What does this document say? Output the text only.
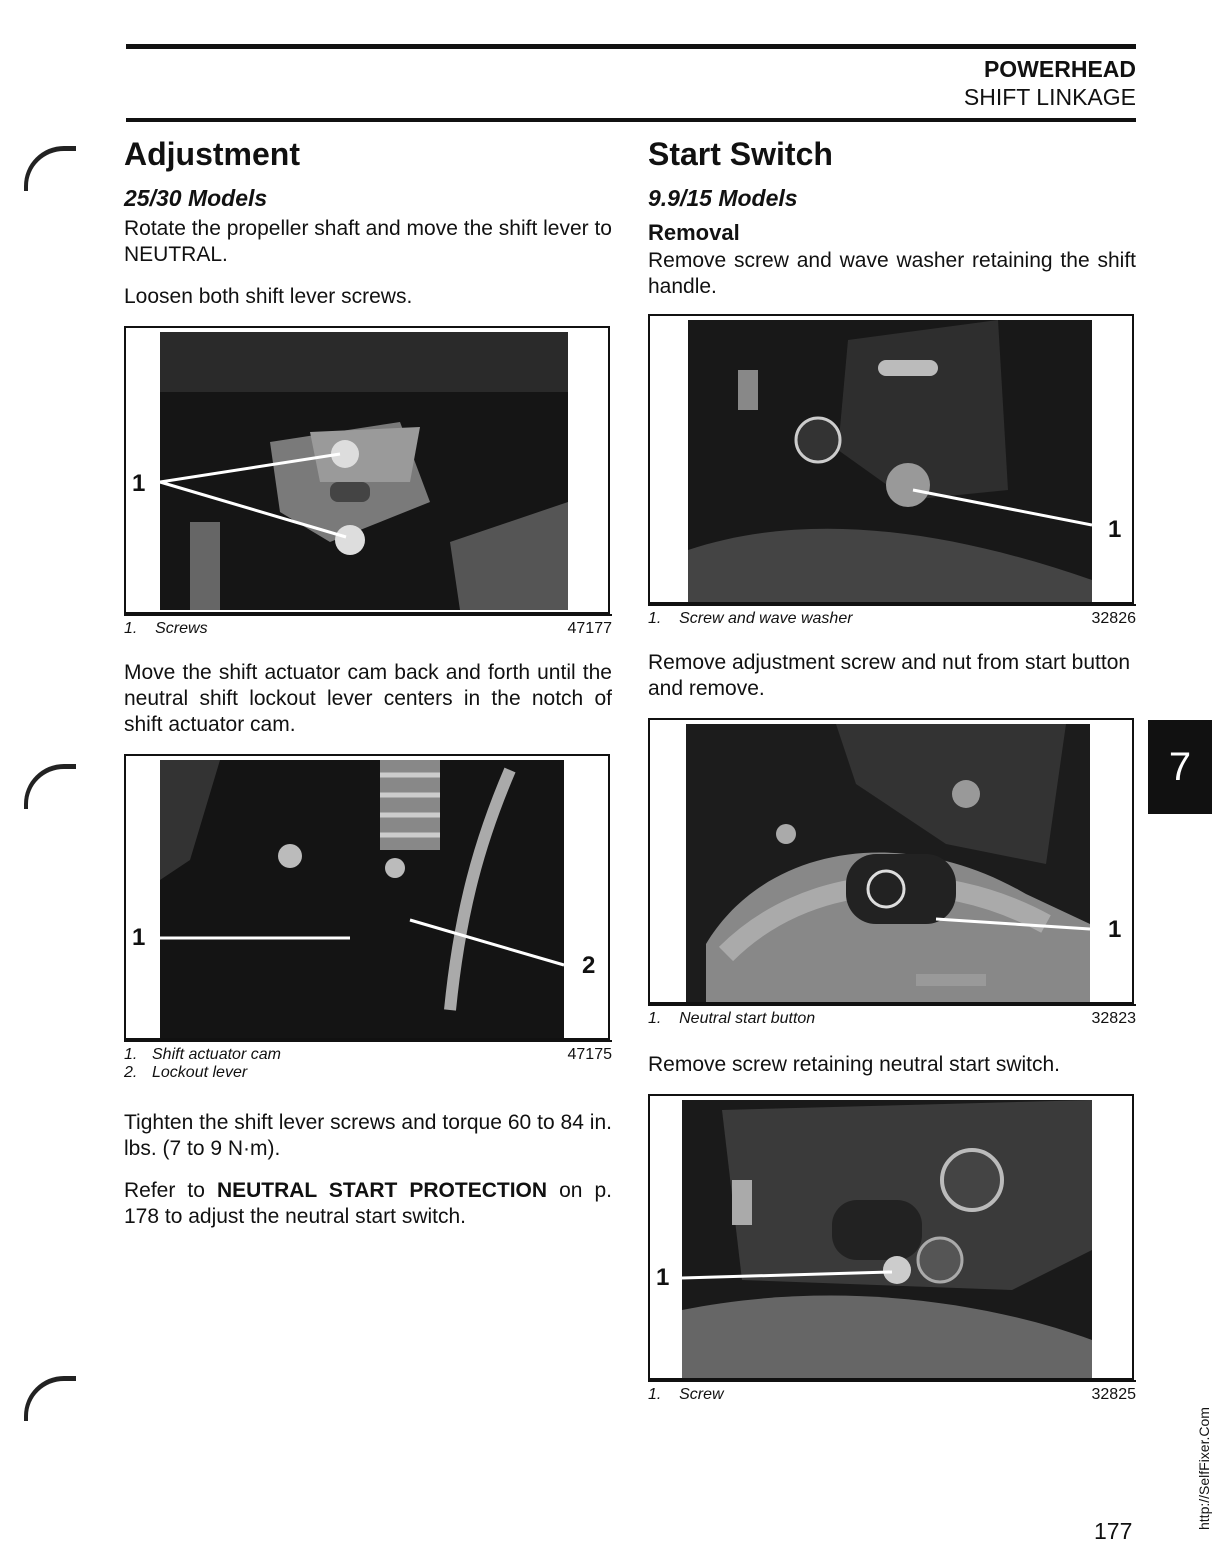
POWERHEAD
SHIFT LINKAGE
Adjustment
25/30 Models

Rotate the propeller shaft and move the shift lever to NEUTRAL.

Loosen both shift lever screws.

1
1. Screws	47177

Move the shift actuator cam back and forth until the neutral shift lockout lever centers in the notch of shift actuator cam.

1
2
1. Shift actuator cam
2. Lockout lever
47175

Tighten the shift lever screws and torque 60 to 84 in. lbs. (7 to 9 N·m).

Refer to NEUTRAL START PROTECTION on p. 178 to adjust the neutral start switch.

Start Switch
9.9/15 Models
Removal

Remove screw and wave washer retaining the shift handle.

1
1. Screw and wave washer	32826

Remove adjustment screw and nut from start button and remove.

1
1. Neutral start button	32823

Remove screw retaining neutral start switch.

1
1. Screw	32825
7
http://SelfFixer.Com
177
